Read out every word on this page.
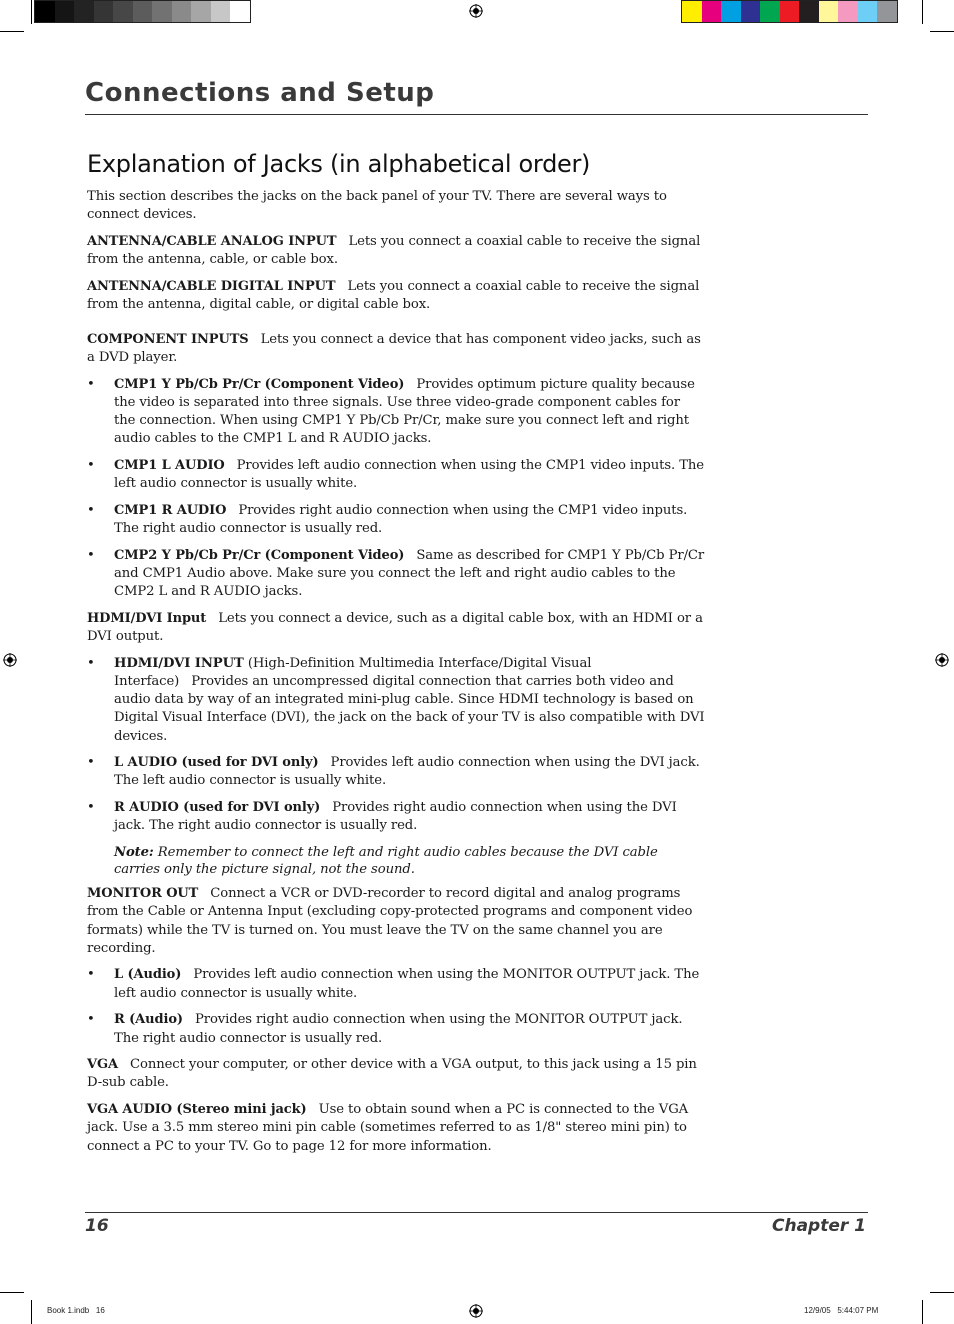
Connections and Setup
Explanation of Jacks (in alphabetical order)

This section describes the jacks on the back panel of your TV. There are several ways to connect devices.

ANTENNA/CABLE ANALOG INPUT Lets you connect a coaxial cable to receive the signal from the antenna, cable, or cable box.

ANTENNA/CABLE DIGITAL INPUT Lets you connect a coaxial cable to receive the signal from the antenna, digital cable, or digital cable box.

COMPONENT INPUTS Lets you connect a device that has component video jacks, such as a DVD player.

• CMP1 Y Pb/Cb Pr/Cr (Component Video) Provides optimum picture quality because the video is separated into three signals. Use three video-grade component cables for the connection. When using CMP1 Y Pb/Cb Pr/Cr, make sure you connect left and right audio cables to the CMP1 L and R AUDIO jacks.
• CMP1 L AUDIO Provides left audio connection when using the CMP1 video inputs. The left audio connector is usually white.
• CMP1 R AUDIO Provides right audio connection when using the CMP1 video inputs. The right audio connector is usually red.
• CMP2 Y Pb/Cb Pr/Cr (Component Video) Same as described for CMP1 Y Pb/Cb Pr/Cr and CMP1 Audio above. Make sure you connect the left and right audio cables to the CMP2 L and R AUDIO jacks.

HDMI/DVI Input Lets you connect a device, such as a digital cable box, with an HDMI or a DVI output.

• HDMI/DVI INPUT (High-Definition Multimedia Interface/Digital Visual Interface) Provides an uncompressed digital connection that carries both video and audio data by way of an integrated mini-plug cable. Since HDMI technology is based on Digital Visual Interface (DVI), the jack on the back of your TV is also compatible with DVI devices.
• L AUDIO (used for DVI only) Provides left audio connection when using the DVI jack. The left audio connector is usually white.
• R AUDIO (used for DVI only) Provides right audio connection when using the DVI jack. The right audio connector is usually red.

Note: Remember to connect the left and right audio cables because the DVI cable carries only the picture signal, not the sound.

MONITOR OUT Connect a VCR or DVD-recorder to record digital and analog programs from the Cable or Antenna Input (excluding copy-protected programs and component video formats) while the TV is turned on. You must leave the TV on the same channel you are recording.

• L (Audio) Provides left audio connection when using the MONITOR OUTPUT jack. The left audio connector is usually white.
• R (Audio) Provides right audio connection when using the MONITOR OUTPUT jack. The right audio connector is usually red.

VGA Connect your computer, or other device with a VGA output, to this jack using a 15 pin D-sub cable.

VGA AUDIO (Stereo mini jack) Use to obtain sound when a PC is connected to the VGA jack. Use a 3.5 mm stereo mini pin cable (sometimes referred to as 1/8" stereo mini pin) to connect a PC to your TV. Go to page 12 for more information.

16	Chapter 1
Book 1.indb   16	12/9/05   5:44:07 PM
